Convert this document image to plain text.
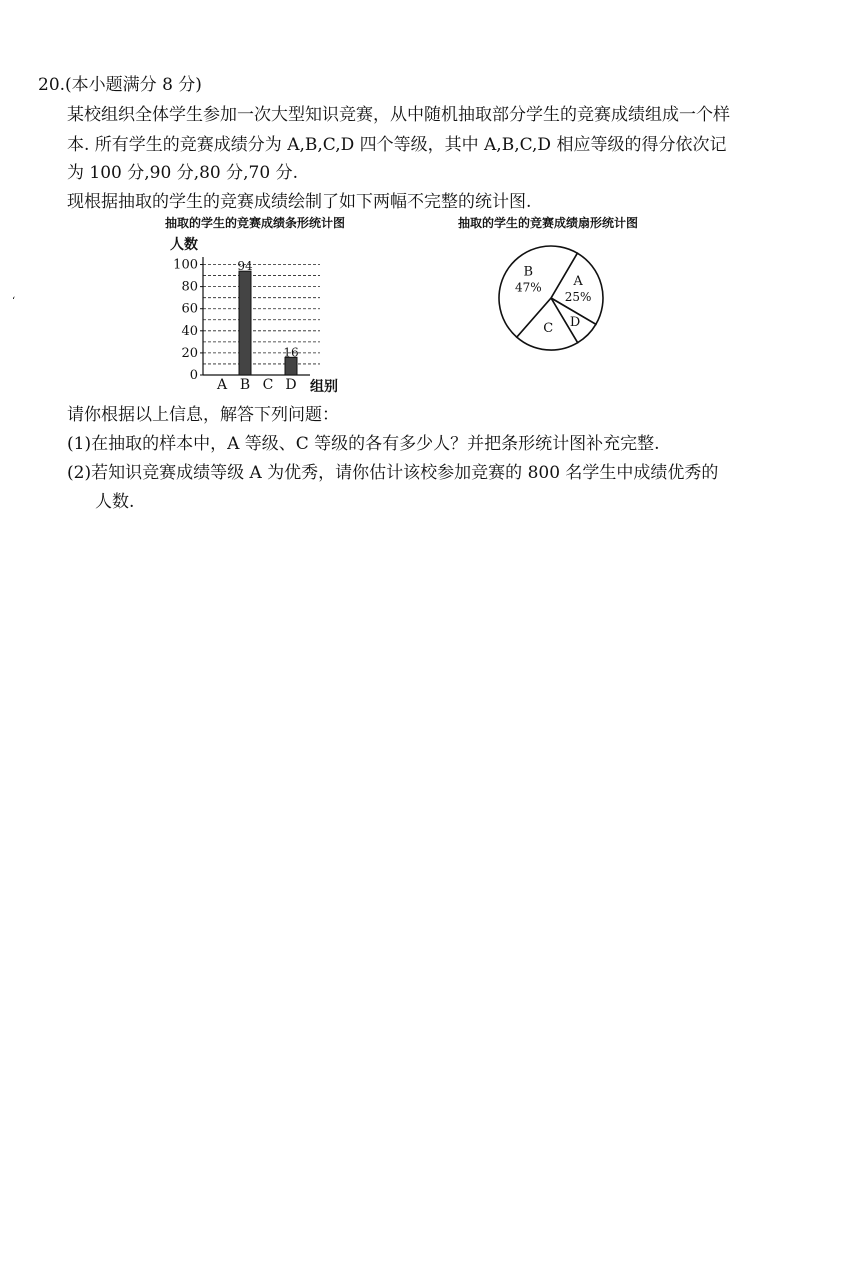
20.(本小题满分 8 分)
某校组织全体学生参加一次大型知识竞赛，从中随机抽取部分学生的竞赛成绩组成一个样
本. 所有学生的竞赛成绩分为 A,B,C,D 四个等级，其中 A,B,C,D 相应等级的得分依次记
为 100 分,90 分,80 分,70 分.
现根据抽取的学生的竞赛成绩绘制了如下两幅不完整的统计图.
‘
抽取的学生的竞赛成绩条形统计图	抽取的学生的竞赛成绩扇形统计图
0
20
40
60
80
100
人数
组别
A B
94
C D
16
A
25%
D
C
B
47%
请你根据以上信息，解答下列问题：
(1)在抽取的样本中，A 等级、C 等级的各有多少人？并把条形统计图补充完整.
(2)若知识竞赛成绩等级 A 为优秀，请你估计该校参加竞赛的 800 名学生中成绩优秀的
人数.
